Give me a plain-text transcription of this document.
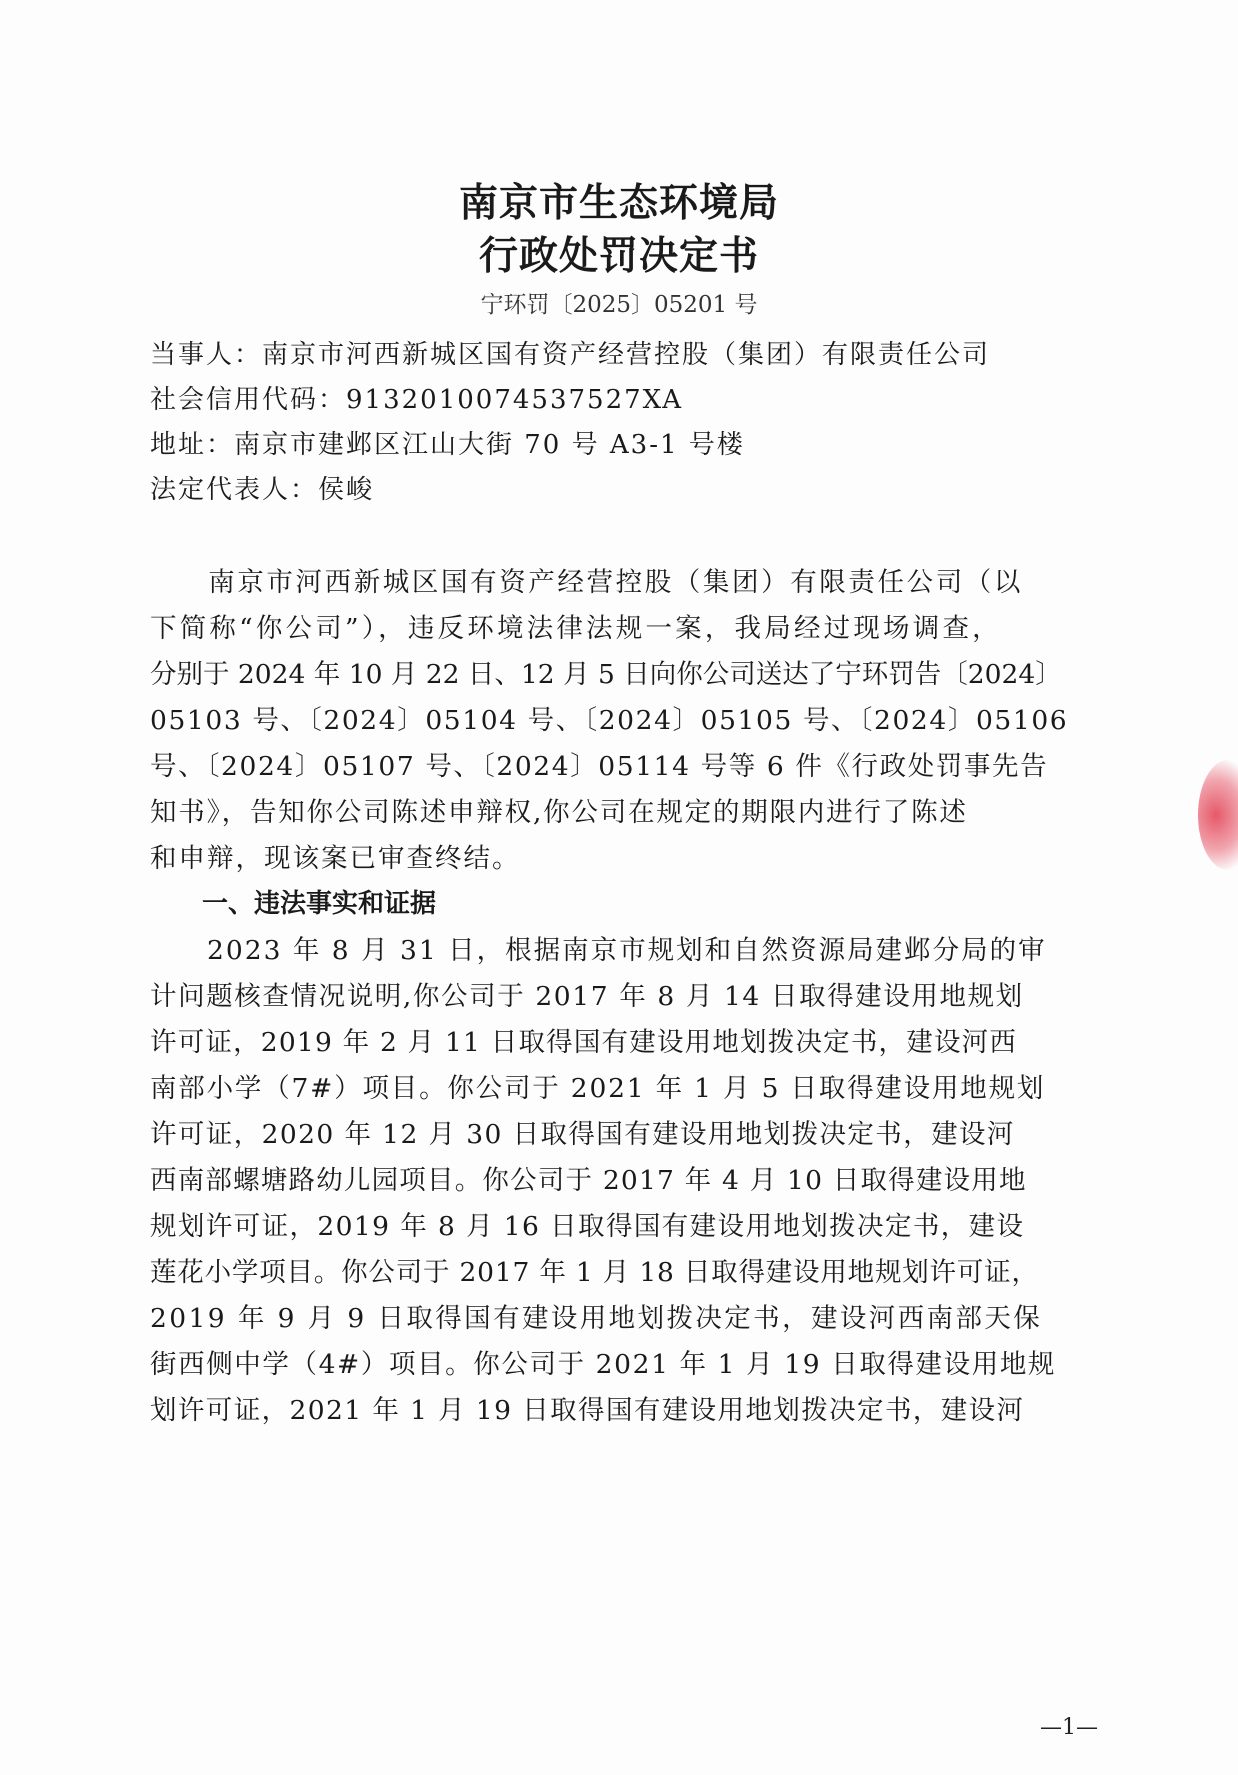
南京市生态环境局
行政处罚决定书
宁环罚〔2025〕05201 号
当事人：南京市河西新城区国有资产经营控股（集团）有限责任公司
社会信用代码：9132010074537527XA
地址：南京市建邺区江山大街 70 号 A3-1 号楼
法定代表人：侯峻
　　南京市河西新城区国有资产经营控股（集团）有限责任公司（以
下简称“你公司”），违反环境法律法规一案，我局经过现场调查，
分别于 2024 年 10 月 22 日、12 月 5 日向你公司送达了宁环罚告〔2024〕
05103 号、〔2024〕05104 号、〔2024〕05105 号、〔2024〕05106
号、〔2024〕05107 号、〔2024〕05114 号等 6 件《行政处罚事先告
知书》，告知你公司陈述申辩权,你公司在规定的期限内进行了陈述
和申辩，现该案已审查终结。
一、违法事实和证据
　　2023 年 8 月 31 日，根据南京市规划和自然资源局建邺分局的审
计问题核查情况说明,你公司于 2017 年 8 月 14 日取得建设用地规划
许可证，2019 年 2 月 11 日取得国有建设用地划拨决定书，建设河西
南部小学（7#）项目。你公司于 2021 年 1 月 5 日取得建设用地规划
许可证，2020 年 12 月 30 日取得国有建设用地划拨决定书，建设河
西南部螺塘路幼儿园项目。你公司于 2017 年 4 月 10 日取得建设用地
规划许可证，2019 年 8 月 16 日取得国有建设用地划拨决定书，建设
莲花小学项目。你公司于 2017 年 1 月 18 日取得建设用地规划许可证，
2019 年 9 月 9 日取得国有建设用地划拨决定书，建设河西南部天保
街西侧中学（4#）项目。你公司于 2021 年 1 月 19 日取得建设用地规
划许可证，2021 年 1 月 19 日取得国有建设用地划拨决定书，建设河
—1—
